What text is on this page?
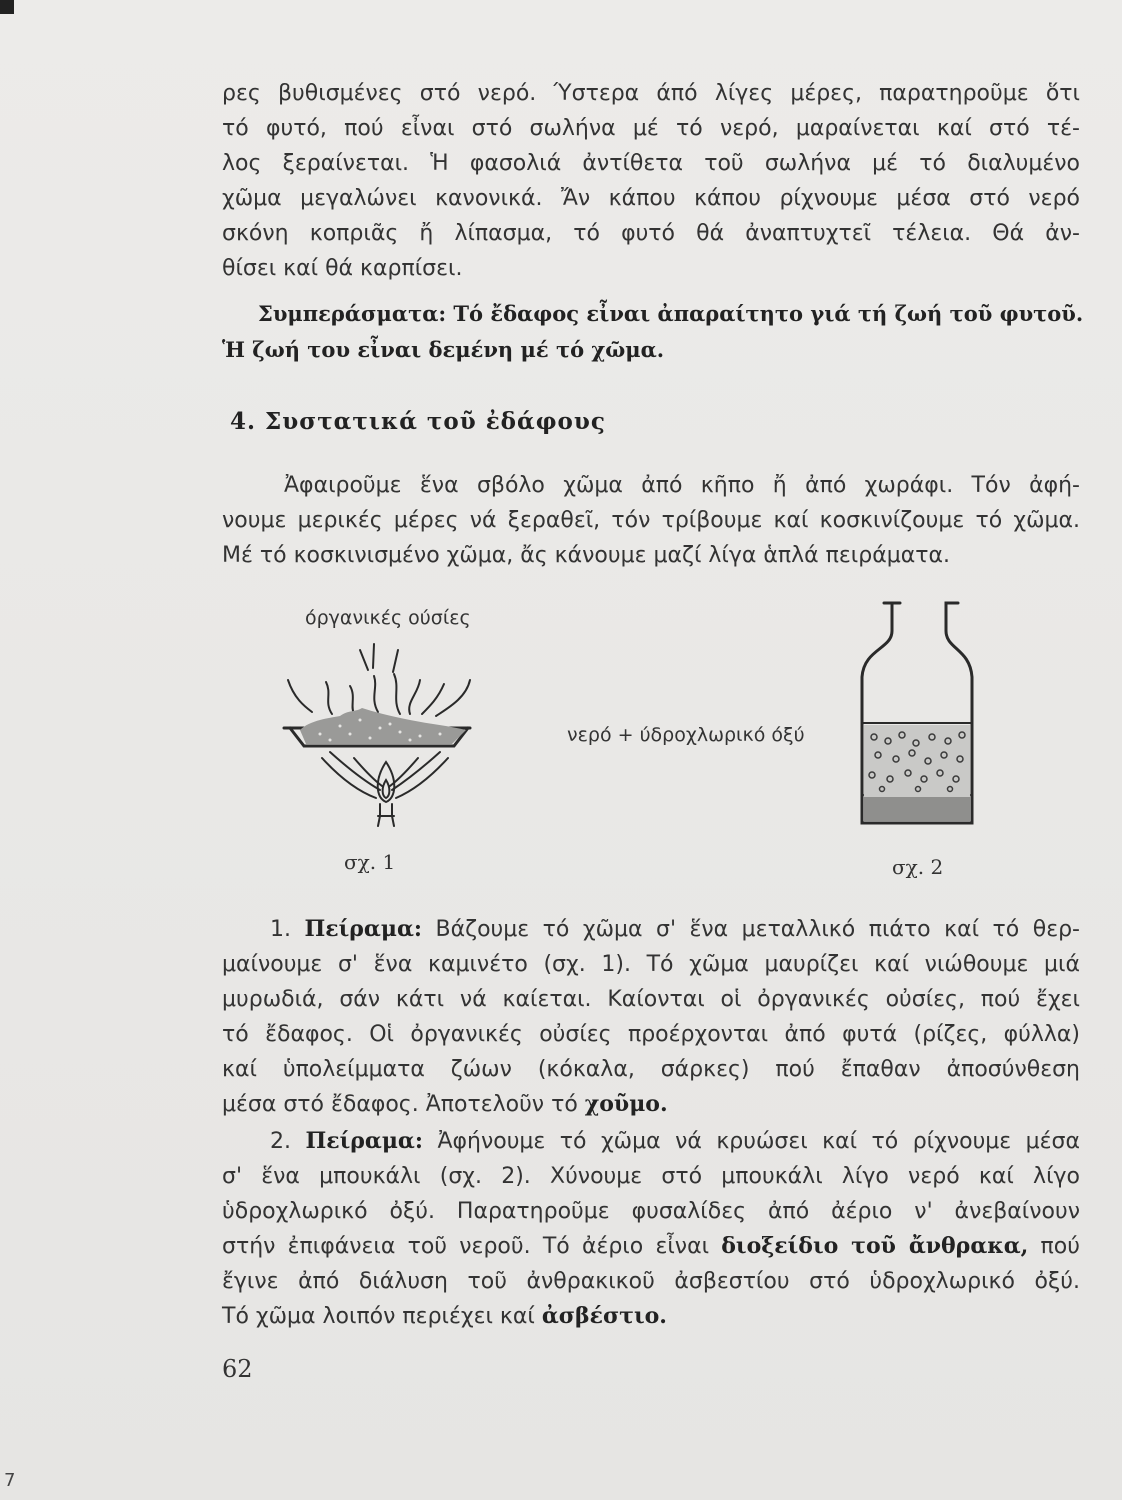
ρες βυθισμένες στό νερό. Ύστερα άπό λίγες μέρες, παρατηροῦμε ὅτι
τό φυτό, πού εἶναι στό σωλήνα μέ τό νερό, μαραίνεται καί στό τέ-
λος ξεραίνεται. Ἡ φασολιά ἀντίθετα τοῦ σωλήνα μέ τό διαλυμένο
χῶμα μεγαλώνει κανονικά. Ἄν κάπου κάπου ρίχνουμε μέσα στό νερό
σκόνη κοπριᾶς ἤ λίπασμα, τό φυτό θά ἀναπτυχτεῖ τέλεια. Θά ἀν-
θίσει καί θά καρπίσει.
Συμπεράσματα: Τό ἔδαφος εἶναι ἀπαραίτητο γιά τή ζωή τοῦ φυτοῦ.
Ἡ ζωή του εἶναι δεμένη μέ τό χῶμα.
4. Συστατικά τοῦ ἐδάφους
Ἀφαιροῦμε ἕνα σβόλο χῶμα ἀπό κῆπο ἤ ἀπό χωράφι. Τόν ἀφή-
νουμε μερικές μέρες νά ξεραθεῖ, τόν τρίβουμε καί κοσκινίζουμε τό χῶμα.
Μέ τό κοσκινισμένο χῶμα, ἄς κάνουμε μαζί λίγα ἁπλά πειράματα.
όργανικές ούσίες
σχ. 1
νερό + ύδροχλωρικό όξύ
σχ. 2
1. Πείραμα: Βάζουμε τό χῶμα σ' ἕνα μεταλλικό πιάτο καί τό θερ-
μαίνουμε σ' ἕνα καμινέτο (σχ. 1). Τό χῶμα μαυρίζει καί νιώθουμε μιά
μυρωδιά, σάν κάτι νά καίεται. Καίονται οἱ ὀργανικές οὐσίες, πού ἔχει
τό ἔδαφος. Οἱ ὀργανικές οὐσίες προέρχονται ἀπό φυτά (ρίζες, φύλλα)
καί ὑπολείμματα ζώων (κόκαλα, σάρκες) πού ἔπαθαν ἀποσύνθεση
μέσα στό ἔδαφος. Ἀποτελοῦν τό χοῦμο.
2. Πείραμα: Ἀφήνουμε τό χῶμα νά κρυώσει καί τό ρίχνουμε μέσα
σ' ἕνα μπουκάλι (σχ. 2). Χύνουμε στό μπουκάλι λίγο νερό καί λίγο
ὑδροχλωρικό ὀξύ. Παρατηροῦμε φυσαλίδες ἀπό ἀέριο ν' ἀνεβαίνουν
στήν ἐπιφάνεια τοῦ νεροῦ. Τό ἀέριο εἶναι διοξείδιο τοῦ ἄνθρακα, πού
ἔγινε ἀπό διάλυση τοῦ ἀνθρακικοῦ ἀσβεστίου στό ὑδροχλωρικό ὀξύ.
Τό χῶμα λοιπόν περιέχει καί ἀσβέστιο.
62
7
